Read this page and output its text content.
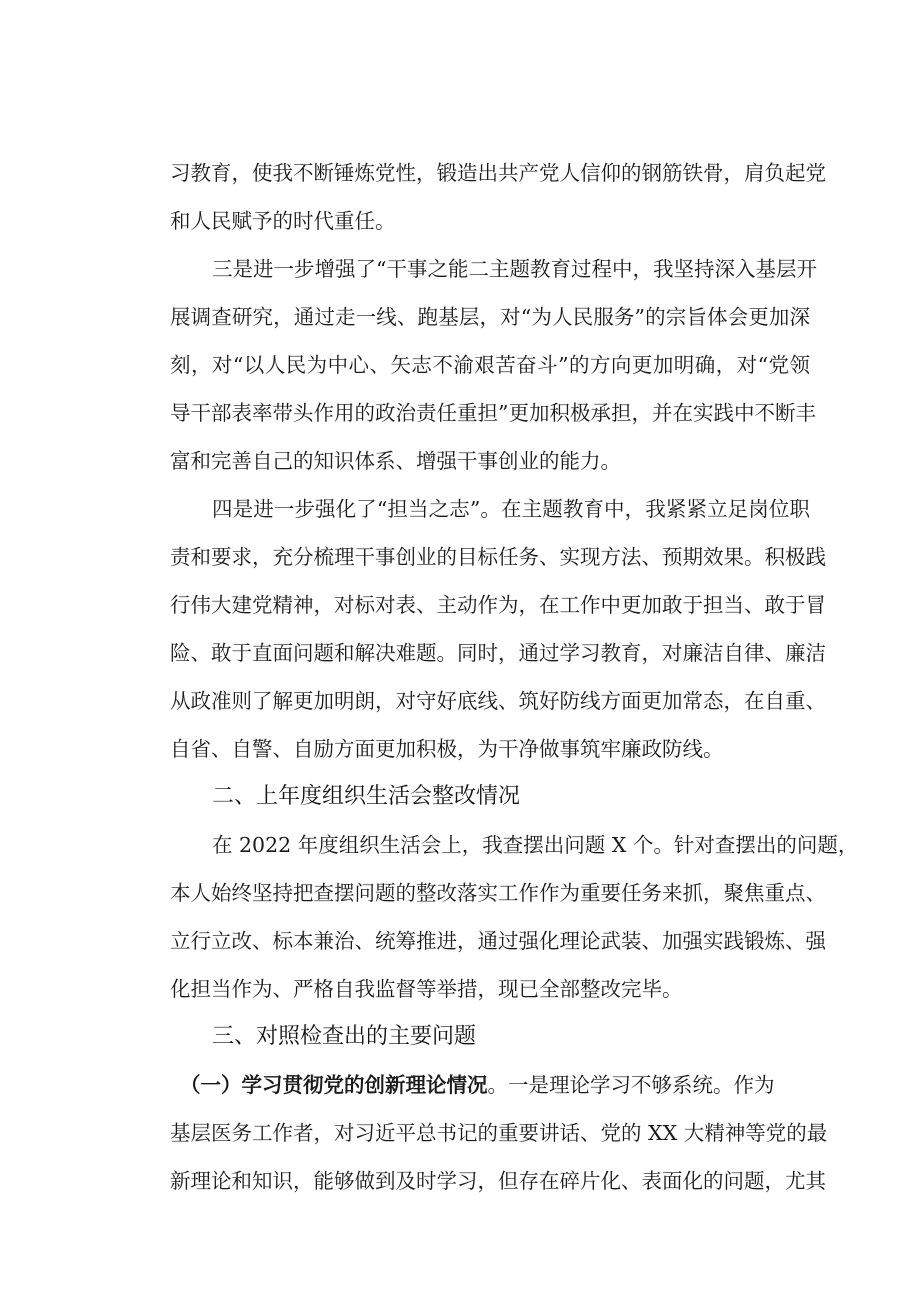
习教育，使我不断锤炼党性，锻造出共产党人信仰的钢筋铁骨，肩负起党
和人民赋予的时代重任。
三是进一步增强了“干事之能二主题教育过程中，我坚持深入基层开
展调查研究，通过走一线、跑基层，对“为人民服务”的宗旨体会更加深
刻，对“以人民为中心、矢志不渝艰苦奋斗”的方向更加明确，对“党领
导干部表率带头作用的政治责任重担”更加积极承担，并在实践中不断丰
富和完善自己的知识体系、增强干事创业的能力。
四是进一步强化了“担当之志”。在主题教育中，我紧紧立足岗位职
责和要求，充分梳理干事创业的目标任务、实现方法、预期效果。积极践
行伟大建党精神，对标对表、主动作为，在工作中更加敢于担当、敢于冒
险、敢于直面问题和解决难题。同时，通过学习教育，对廉洁自律、廉洁
从政准则了解更加明朗，对守好底线、筑好防线方面更加常态，在自重、
自省、自警、自励方面更加积极，为干净做事筑牢廉政防线。
二、上年度组织生活会整改情况
在 2022 年度组织生活会上，我查摆出问题 X 个。针对查摆出的问题，
本人始终坚持把查摆问题的整改落实工作作为重要任务来抓，聚焦重点、
立行立改、标本兼治、统筹推进，通过强化理论武装、加强实践锻炼、强
化担当作为、严格自我监督等举措，现已全部整改完毕。
三、对照检查出的主要问题
（一）学习贯彻党的创新理论情况。一是理论学习不够系统。作为
基层医务工作者，对习近平总书记的重要讲话、党的 XX 大精神等党的最
新理论和知识，能够做到及时学习，但存在碎片化、表面化的问题，尤其
